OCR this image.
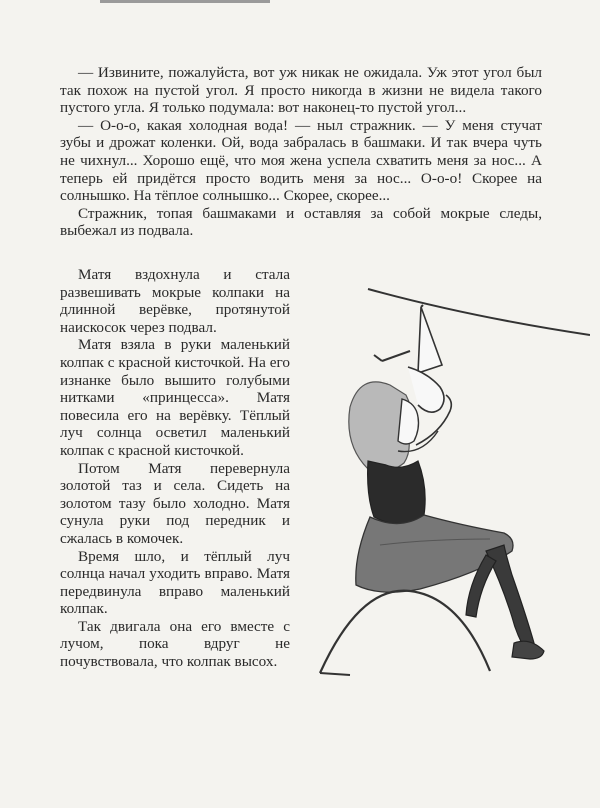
— Извините, пожалуйста, вот уж никак не ожидала. Уж этот угол был так похож на пустой угол. Я просто никогда в жизни не видела такого пустого угла. Я только подумала: вот наконец-то пустой угол...

— О-о-о, какая холодная вода! — ныл стражник. — У меня стучат зубы и дрожат коленки. Ой, вода забралась в башмаки. И так вчера чуть не чихнул... Хорошо ещё, что моя жена успела схватить меня за нос... А теперь ей придётся просто водить меня за нос... О-о-о! Скорее на солнышко. На тёплое солнышко... Скорее, скорее...

Стражник, топая башмаками и оставляя за собой мокрые следы, выбежал из подвала.

Матя вздохнула и стала развешивать мокрые колпаки на длинной верёвке, протянутой наискосок через подвал.

Матя взяла в руки маленький колпак с красной кисточкой. На его изнанке было вышито голубыми нитками «принцесса». Матя повесила его на верёвку. Тёплый луч солнца осветил маленький колпак с красной кисточкой.

Потом Матя перевернула золотой таз и села. Сидеть на золотом тазу было холодно. Матя сунула руки под передник и сжалась в комочек.

Время шло, и тёплый луч солнца начал уходить вправо. Матя передвинула вправо маленький колпак.

Так двигала она его вместе с лучом, пока вдруг не почувствовала, что колпак высох.
